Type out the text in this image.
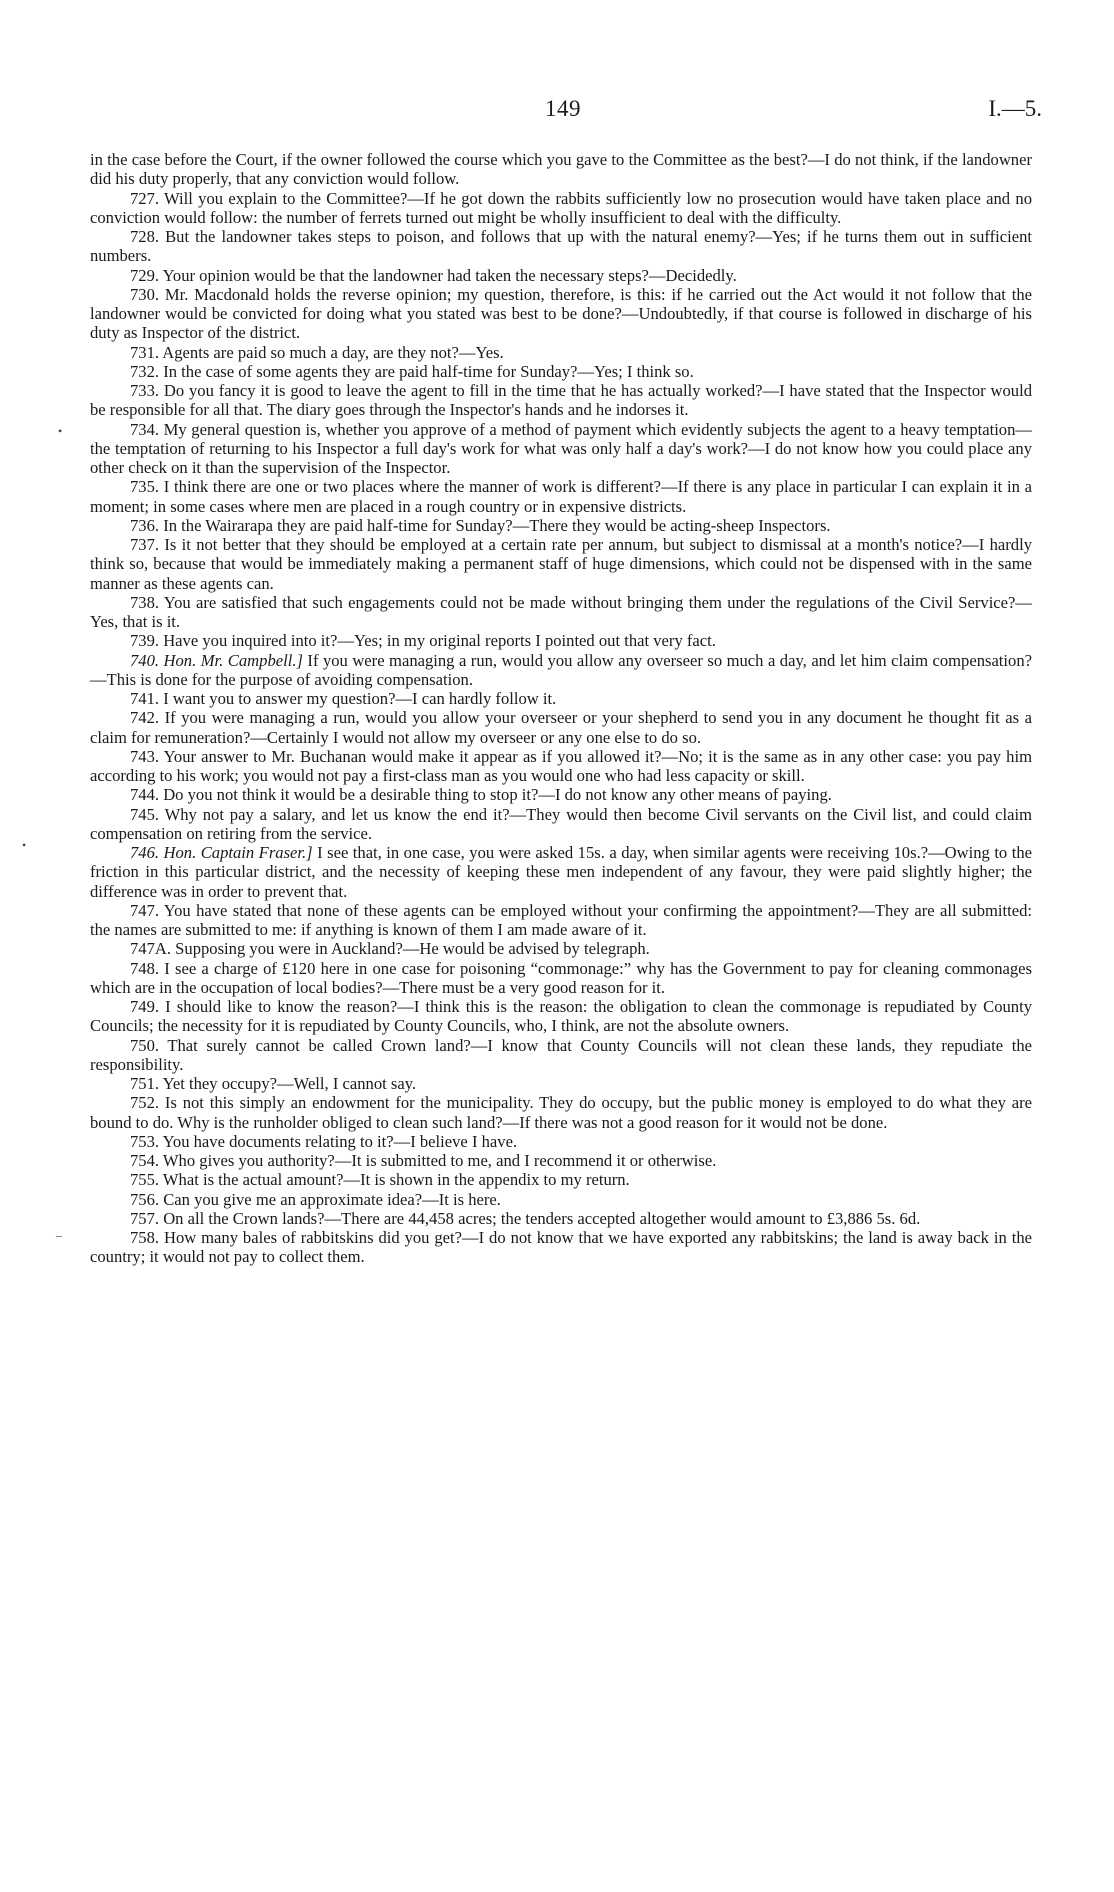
149	I.—5.

in the case before the Court, if the owner followed the course which you gave to the Committee as the best?—I do not think, if the landowner did his duty properly, that any conviction would follow.

727. Will you explain to the Committee?—If he got down the rabbits sufficiently low no prosecution would have taken place and no conviction would follow: the number of ferrets turned out might be wholly insufficient to deal with the difficulty.

728. But the landowner takes steps to poison, and follows that up with the natural enemy?—Yes; if he turns them out in sufficient numbers.

729. Your opinion would be that the landowner had taken the necessary steps?—Decidedly.

730. Mr. Macdonald holds the reverse opinion; my question, therefore, is this: if he carried out the Act would it not follow that the landowner would be convicted for doing what you stated was best to be done?—Undoubtedly, if that course is followed in discharge of his duty as Inspector of the district.

731. Agents are paid so much a day, are they not?—Yes.

732. In the case of some agents they are paid half-time for Sunday?—Yes; I think so.

733. Do you fancy it is good to leave the agent to fill in the time that he has actually worked?—I have stated that the Inspector would be responsible for all that. The diary goes through the Inspector's hands and he indorses it.

734. My general question is, whether you approve of a method of payment which evidently subjects the agent to a heavy temptation—the temptation of returning to his Inspector a full day's work for what was only half a day's work?—I do not know how you could place any other check on it than the supervision of the Inspector.

735. I think there are one or two places where the manner of work is different?—If there is any place in particular I can explain it in a moment; in some cases where men are placed in a rough country or in expensive districts.

736. In the Wairarapa they are paid half-time for Sunday?—There they would be acting-sheep Inspectors.

737. Is it not better that they should be employed at a certain rate per annum, but subject to dismissal at a month's notice?—I hardly think so, because that would be immediately making a permanent staff of huge dimensions, which could not be dispensed with in the same manner as these agents can.

738. You are satisfied that such engagements could not be made without bringing them under the regulations of the Civil Service?—Yes, that is it.

739. Have you inquired into it?—Yes; in my original reports I pointed out that very fact.

740. Hon. Mr. Campbell.] If you were managing a run, would you allow any overseer so much a day, and let him claim compensation?—This is done for the purpose of avoiding compensation.

741. I want you to answer my question?—I can hardly follow it.

742. If you were managing a run, would you allow your overseer or your shepherd to send you in any document he thought fit as a claim for remuneration?—Certainly I would not allow my overseer or any one else to do so.

743. Your answer to Mr. Buchanan would make it appear as if you allowed it?—No; it is the same as in any other case: you pay him according to his work; you would not pay a first-class man as you would one who had less capacity or skill.

744. Do you not think it would be a desirable thing to stop it?—I do not know any other means of paying.

745. Why not pay a salary, and let us know the end it?—They would then become Civil servants on the Civil list, and could claim compensation on retiring from the service.

746. Hon. Captain Fraser.] I see that, in one case, you were asked 15s. a day, when similar agents were receiving 10s.?—Owing to the friction in this particular district, and the necessity of keeping these men independent of any favour, they were paid slightly higher; the difference was in order to prevent that.

747. You have stated that none of these agents can be employed without your confirming the appointment?—They are all submitted: the names are submitted to me: if anything is known of them I am made aware of it.

747A. Supposing you were in Auckland?—He would be advised by telegraph.

748. I see a charge of £120 here in one case for poisoning “commonage:” why has the Government to pay for cleaning commonages which are in the occupation of local bodies?—There must be a very good reason for it.

749. I should like to know the reason?—I think this is the reason: the obligation to clean the commonage is repudiated by County Councils; the necessity for it is repudiated by County Councils, who, I think, are not the absolute owners.

750. That surely cannot be called Crown land?—I know that County Councils will not clean these lands, they repudiate the responsibility.

751. Yet they occupy?—Well, I cannot say.

752. Is not this simply an endowment for the municipality. They do occupy, but the public money is employed to do what they are bound to do. Why is the runholder obliged to clean such land?—If there was not a good reason for it would not be done.

753. You have documents relating to it?—I believe I have.

754. Who gives you authority?—It is submitted to me, and I recommend it or otherwise.

755. What is the actual amount?—It is shown in the appendix to my return.

756. Can you give me an approximate idea?—It is here.

757. On all the Crown lands?—There are 44,458 acres; the tenders accepted altogether would amount to £3,886 5s. 6d.

758. How many bales of rabbitskins did you get?—I do not know that we have exported any rabbitskins; the land is away back in the country; it would not pay to collect them.

•
•
–
